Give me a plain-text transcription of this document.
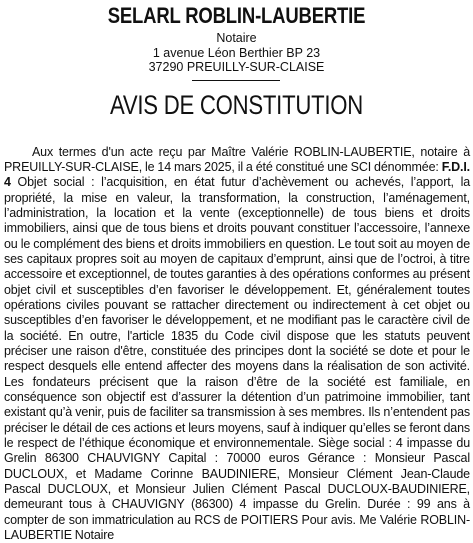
SELARL ROBLIN-LAUBERTIE
Notaire
1 avenue Léon Berthier BP 23
37290 PREUILLY-SUR-CLAISE
AVIS DE CONSTITUTION

Aux termes d'un acte reçu par Maître Valérie ROBLIN-LAUBERTIE, notaire à PREUILLY-SUR-CLAISE, le 14 mars 2025, il a été constitué une SCI dénommée: F.D.I. 4 Objet social : l’acquisition, en état futur d’achèvement ou achevés, l’apport, la propriété, la mise en valeur, la transformation, la construction, l’aménagement, l’administration, la location et la vente (exceptionnelle) de tous biens et droits immobiliers, ainsi que de tous biens et droits pouvant constituer l’accessoire, l’annexe ou le complément des biens et droits immobiliers en question. Le tout soit au moyen de ses capitaux propres soit au moyen de capitaux d’emprunt, ainsi que de l’octroi, à titre accessoire et exceptionnel, de toutes garanties à des opérations conformes au présent objet civil et susceptibles d’en favoriser le développement. Et, généralement toutes opérations civiles pouvant se rattacher directement ou indirectement à cet objet ou susceptibles d’en favoriser le développement, et ne modifiant pas le caractère civil de la société. En outre, l'article 1835 du Code civil dispose que les statuts peuvent préciser une raison d'être, constituée des principes dont la société se dote et pour le respect desquels elle entend affecter des moyens dans la réalisation de son activité. Les fondateurs précisent que la raison d’être de la société est familiale, en conséquence son objectif est d’assurer la détention d’un patrimoine immobilier, tant existant qu’à venir, puis de faciliter sa transmission à ses membres. Ils n’entendent pas préciser le détail de ces actions et leurs moyens, sauf à indiquer qu’elles se feront dans le respect de l’éthique économique et environnementale. Siège social : 4 impasse du Grelin 86300 CHAUVIGNY Capital : 70000 euros Gérance : Monsieur Pascal DUCLOUX, et Madame Corinne BAUDINIERE, Monsieur Clément Jean-Claude Pascal DUCLOUX, et Monsieur Julien Clément Pascal DUCLOUX-BAUDINIERE, demeurant tous à CHAUVIGNY (86300) 4 impasse du Grelin. Durée : 99 ans à compter de son immatriculation au RCS de POITIERS Pour avis. Me Valérie ROBLIN-LAUBERTIE Notaire
